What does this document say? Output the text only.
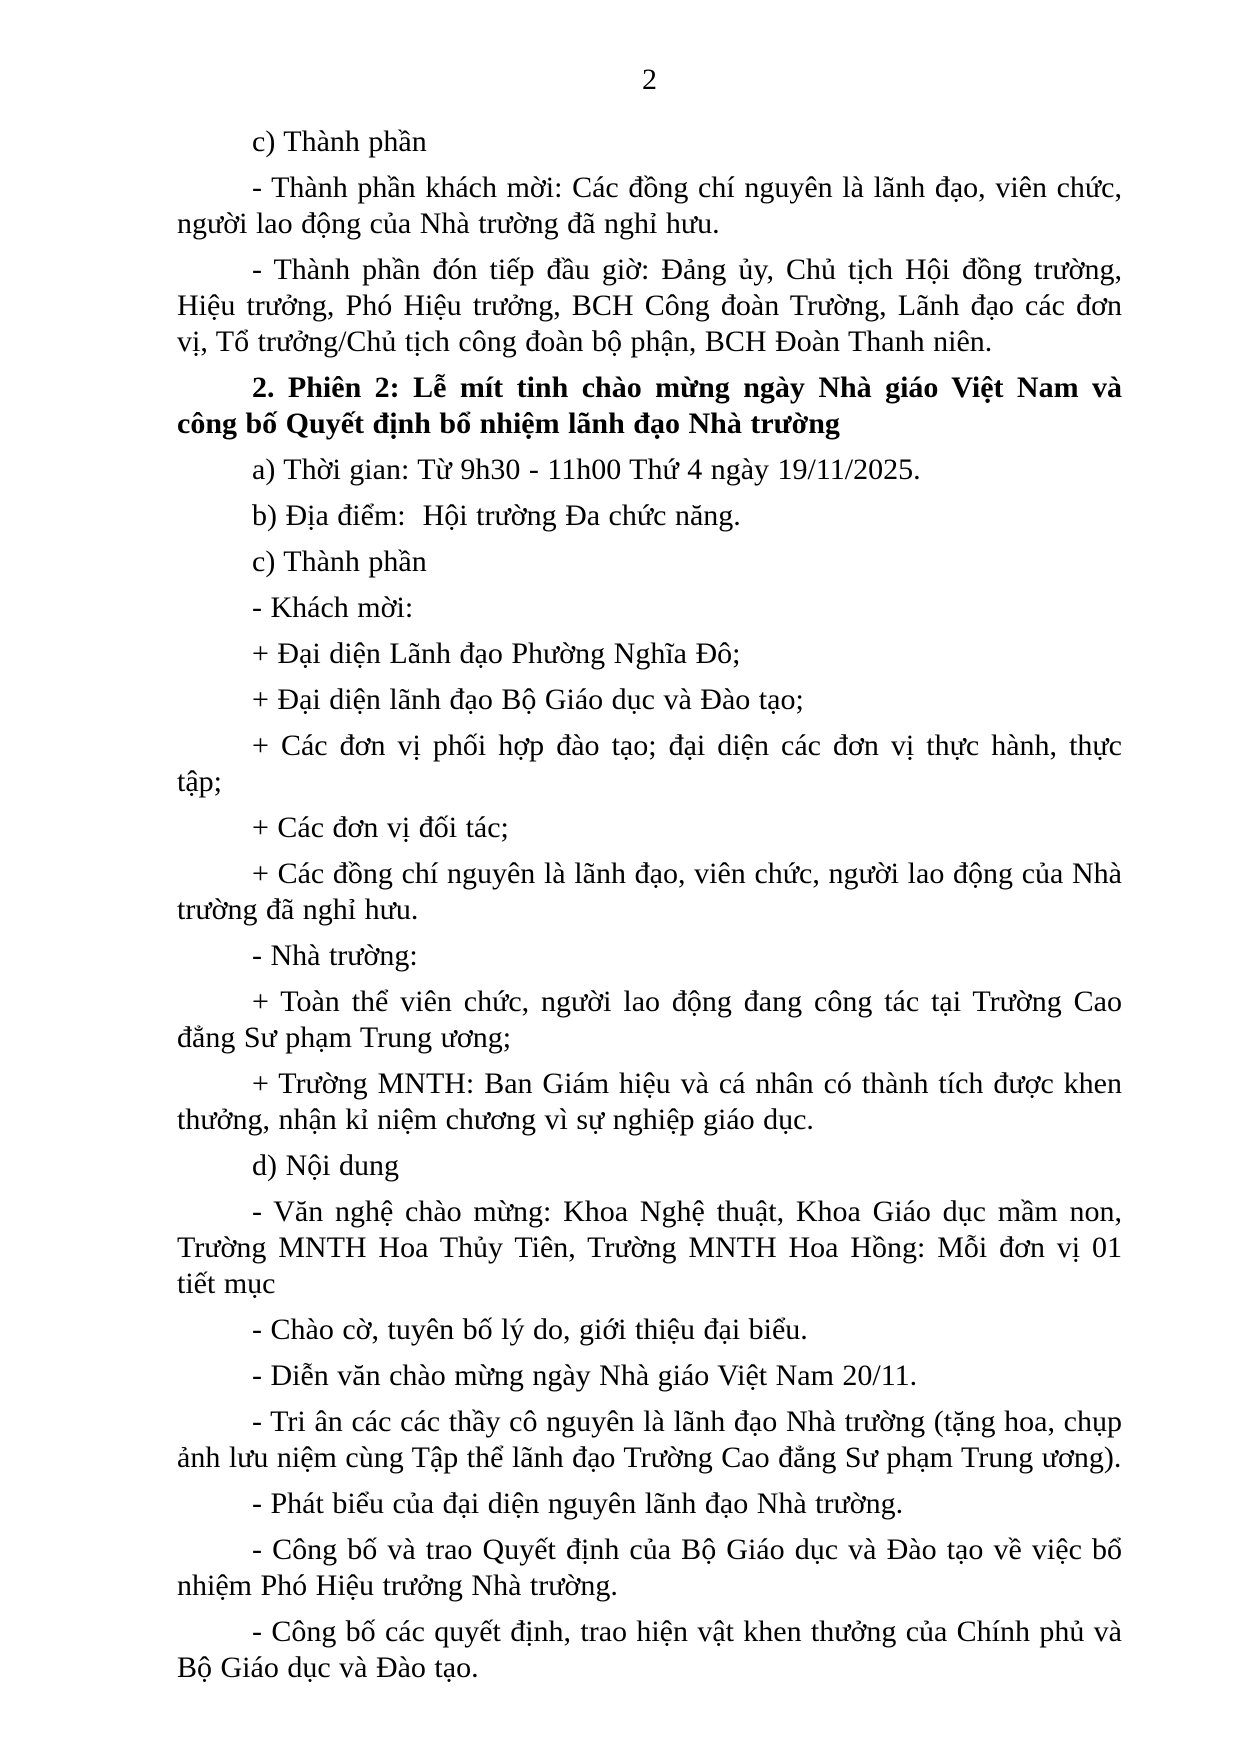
2

c) Thành phần

- Thành phần khách mời: Các đồng chí nguyên là lãnh đạo, viên chức, người lao động của Nhà trường đã nghỉ hưu.

- Thành phần đón tiếp đầu giờ: Đảng ủy, Chủ tịch Hội đồng trường, Hiệu trưởng, Phó Hiệu trưởng, BCH Công đoàn Trường, Lãnh đạo các đơn vị, Tổ trưởng/Chủ tịch công đoàn bộ phận, BCH Đoàn Thanh niên.

2. Phiên 2: Lễ mít tinh chào mừng ngày Nhà giáo Việt Nam và công bố Quyết định bổ nhiệm lãnh đạo Nhà trường

a) Thời gian: Từ 9h30 - 11h00 Thứ 4 ngày 19/11/2025.

b) Địa điểm:  Hội trường Đa chức năng.

c) Thành phần

- Khách mời:

+ Đại diện Lãnh đạo Phường Nghĩa Đô;

+ Đại diện lãnh đạo Bộ Giáo dục và Đào tạo;

+ Các đơn vị phối hợp đào tạo; đại diện các đơn vị thực hành, thực tập;

+ Các đơn vị đối tác;

+ Các đồng chí nguyên là lãnh đạo, viên chức, người lao động của Nhà trường đã nghỉ hưu.

- Nhà trường:

+ Toàn thể viên chức, người lao động đang công tác tại Trường Cao đẳng Sư phạm Trung ương;

+ Trường MNTH: Ban Giám hiệu và cá nhân có thành tích được khen thưởng, nhận kỉ niệm chương vì sự nghiệp giáo dục.

d) Nội dung

- Văn nghệ chào mừng: Khoa Nghệ thuật, Khoa Giáo dục mầm non, Trường MNTH Hoa Thủy Tiên, Trường MNTH Hoa Hồng: Mỗi đơn vị 01 tiết mục

- Chào cờ, tuyên bố lý do, giới thiệu đại biểu.

- Diễn văn chào mừng ngày Nhà giáo Việt Nam 20/11.

- Tri ân các các thầy cô nguyên là lãnh đạo Nhà trường (tặng hoa, chụp ảnh lưu niệm cùng Tập thể lãnh đạo Trường Cao đẳng Sư phạm Trung ương).

- Phát biểu của đại diện nguyên lãnh đạo Nhà trường.

- Công bố và trao Quyết định của Bộ Giáo dục và Đào tạo về việc bổ nhiệm Phó Hiệu trưởng Nhà trường.

- Công bố các quyết định, trao hiện vật khen thưởng của Chính phủ và Bộ Giáo dục và Đào tạo.
